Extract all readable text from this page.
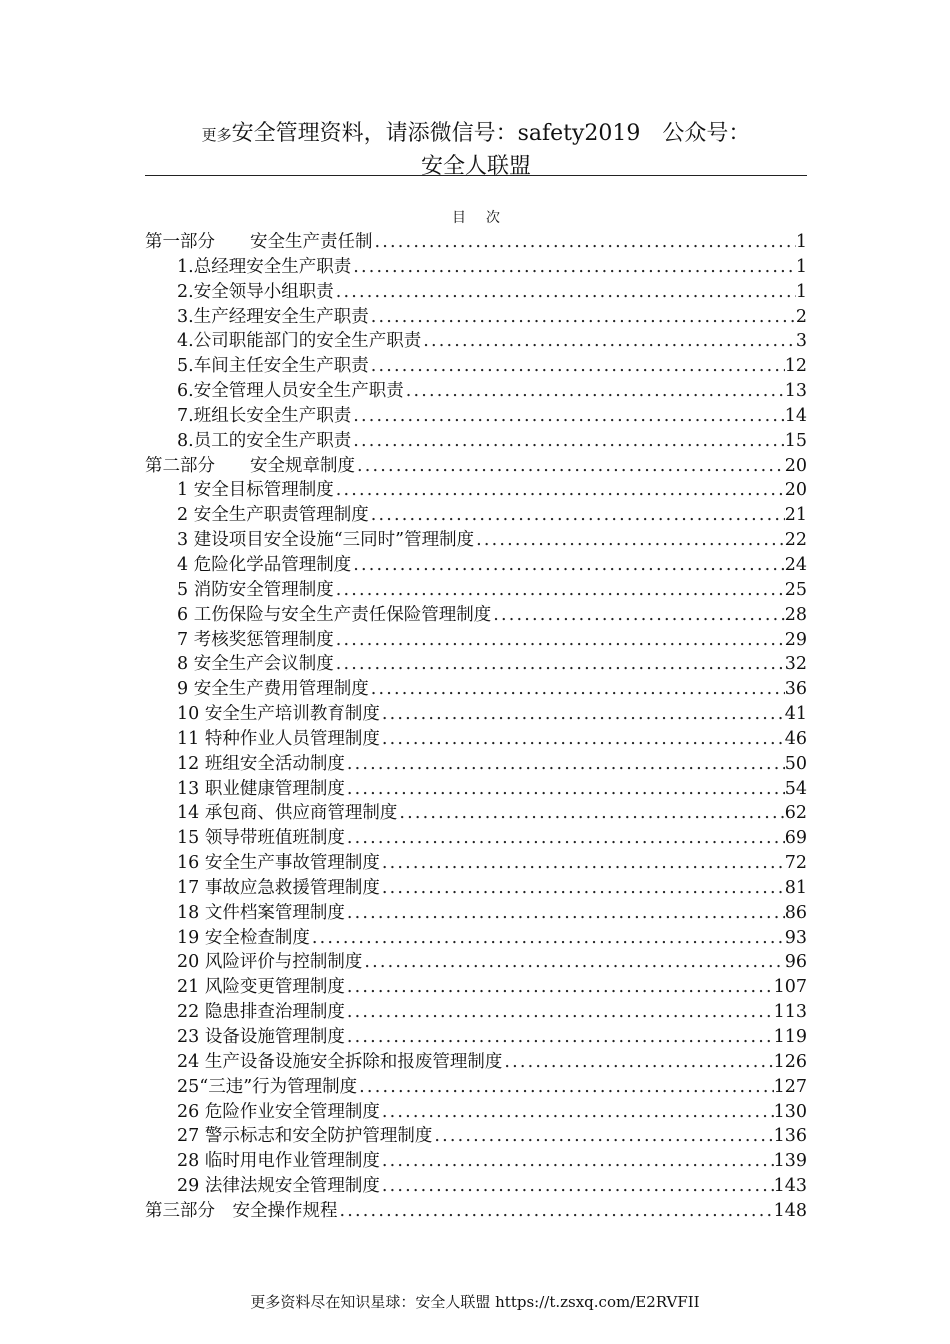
更多安全管理资料，请添微信号：safety2019　公众号：
安全人联盟
目次
第一部分　　安全生产责任制 .....	1
1.总经理安全生产职责 .....	1
2.安全领导小组职责 .....	1
3.生产经理安全生产职责 .....	2
4.公司职能部门的安全生产职责 .....	3
5.车间主任安全生产职责 .....	12
6.安全管理人员安全生产职责 .....	13
7.班组长安全生产职责 .....	14
8.员工的安全生产职责 .....	15
第二部分　　安全规章制度 .....	20
1 安全目标管理制度 .....	20
2 安全生产职责管理制度 .....	21
3 建设项目安全设施“三同时”管理制度 .....	22
4 危险化学品管理制度 .....	24
5 消防安全管理制度 .....	25
6 工伤保险与安全生产责任保险管理制度 .....	28
7 考核奖惩管理制度 .....	29
8 安全生产会议制度 .....	32
9 安全生产费用管理制度 .....	36
10 安全生产培训教育制度 .....	41
11 特种作业人员管理制度 .....	46
12 班组安全活动制度 .....	50
13 职业健康管理制度 .....	54
14 承包商、供应商管理制度 .....	62
15 领导带班值班制度 .....	69
16 安全生产事故管理制度 .....	72
17 事故应急救援管理制度 .....	81
18 文件档案管理制度 .....	86
19 安全检查制度 .....	93
20 风险评价与控制制度 .....	96
21 风险变更管理制度 .....	107
22 隐患排查治理制度 .....	113
23 设备设施管理制度 .....	119
24 生产设备设施安全拆除和报废管理制度 .....	126
25“三违”行为管理制度 .....	127
26 危险作业安全管理制度 .....	130
27 警示标志和安全防护管理制度 .....	136
28 临时用电作业管理制度 .....	139
29 法律法规安全管理制度 .....	143
第三部分　安全操作规程 .....	148
更多资料尽在知识星球：安全人联盟 https://t.zsxq.com/E2RVFII
